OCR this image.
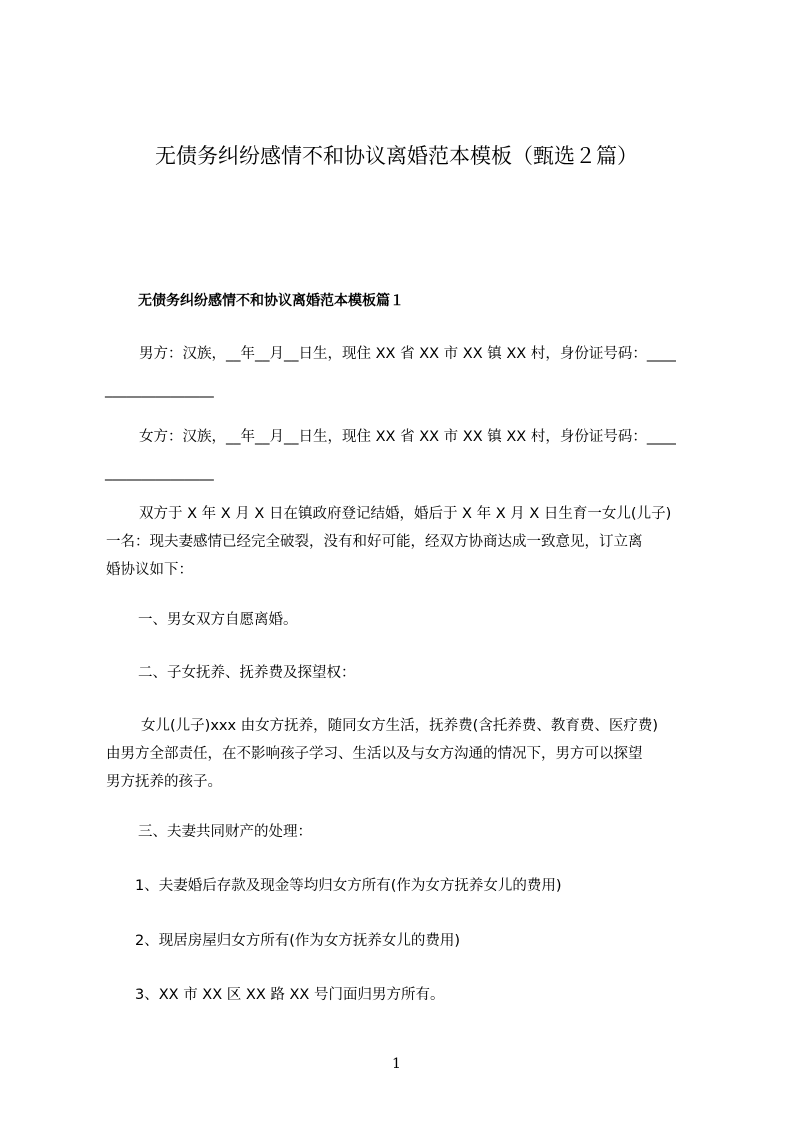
无债务纠纷感情不和协议离婚范本模板（甄选２篇）
无债务纠纷感情不和协议离婚范本模板篇１
男方：汉族，__年__月__日生，现住 XX 省 XX 市 XX 镇 XX 村，身份证号码：____
_______________
女方：汉族，__年__月__日生，现住 XX 省 XX 市 XX 镇 XX 村，身份证号码：____
_______________
双方于 X 年 X 月 X 日在镇政府登记结婚，婚后于 X 年 X 月 X 日生育一女儿(儿子)
一名：现夫妻感情已经完全破裂，没有和好可能，经双方协商达成一致意见，订立离
婚协议如下：
一、男女双方自愿离婚。
二、子女抚养、抚养费及探望权：
女儿(儿子)xxx 由女方抚养，随同女方生活，抚养费(含托养费、教育费、医疗费)
由男方全部责任，在不影响孩子学习、生活以及与女方沟通的情况下，男方可以探望
男方抚养的孩子。
三、夫妻共同财产的处理：
1、夫妻婚后存款及现金等均归女方所有(作为女方抚养女儿的费用)
2、现居房屋归女方所有(作为女方抚养女儿的费用)
3、XX 市 XX 区 XX 路 XX 号门面归男方所有。
1
